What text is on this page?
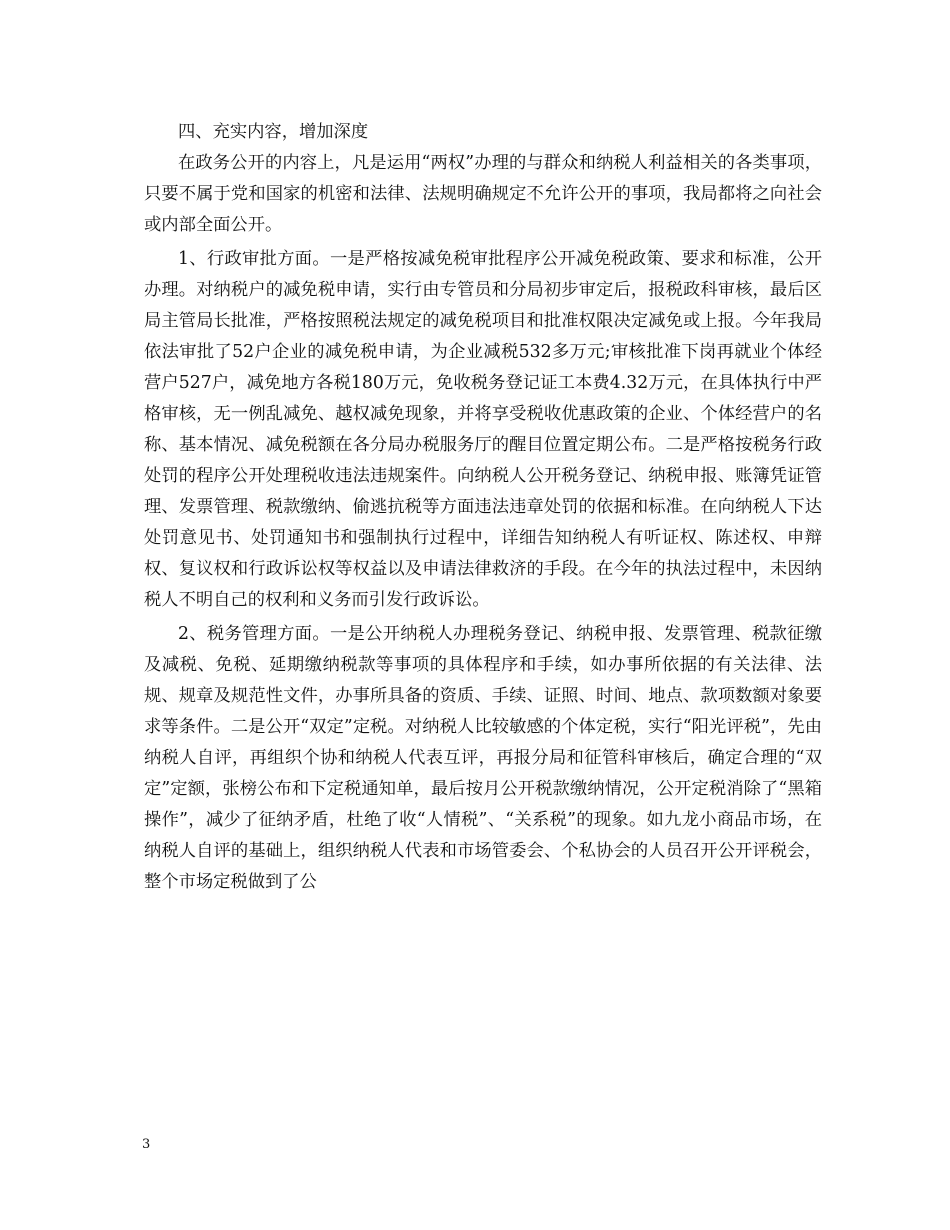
四、充实内容，增加深度

在政务公开的内容上，凡是运用“两权”办理的与群众和纳税人利益相关的各类事项，只要不属于党和国家的机密和法律、法规明确规定不允许公开的事项，我局都将之向社会或内部全面公开。

1、行政审批方面。一是严格按减免税审批程序公开减免税政策、要求和标准，公开办理。对纳税户的减免税申请，实行由专管员和分局初步审定后，报税政科审核，最后区局主管局长批准，严格按照税法规定的减免税项目和批准权限决定减免或上报。今年我局依法审批了52户企业的减免税申请，为企业减税532多万元;审核批准下岗再就业个体经营户527户，减免地方各税180万元，免收税务登记证工本费4.32万元，在具体执行中严格审核，无一例乱减免、越权减免现象，并将享受税收优惠政策的企业、个体经营户的名称、基本情况、减免税额在各分局办税服务厅的醒目位置定期公布。二是严格按税务行政处罚的程序公开处理税收违法违规案件。向纳税人公开税务登记、纳税申报、账簿凭证管理、发票管理、税款缴纳、偷逃抗税等方面违法违章处罚的依据和标准。在向纳税人下达处罚意见书、处罚通知书和强制执行过程中，详细告知纳税人有听证权、陈述权、申辩权、复议权和行政诉讼权等权益以及申请法律救济的手段。在今年的执法过程中，未因纳税人不明自己的权利和义务而引发行政诉讼。

2、税务管理方面。一是公开纳税人办理税务登记、纳税申报、发票管理、税款征缴及减税、免税、延期缴纳税款等事项的具体程序和手续，如办事所依据的有关法律、法规、规章及规范性文件，办事所具备的资质、手续、证照、时间、地点、款项数额对象要求等条件。二是公开“双定”定税。对纳税人比较敏感的个体定税，实行“阳光评税”，先由纳税人自评，再组织个协和纳税人代表互评，再报分局和征管科审核后，确定合理的“双定”定额，张榜公布和下定税通知单，最后按月公开税款缴纳情况，公开定税消除了“黑箱操作”，减少了征纳矛盾，杜绝了收“人情税”、“关系税”的现象。如九龙小商品市场，在纳税人自评的基础上，组织纳税人代表和市场管委会、个私协会的人员召开公开评税会，整个市场定税做到了公

3
